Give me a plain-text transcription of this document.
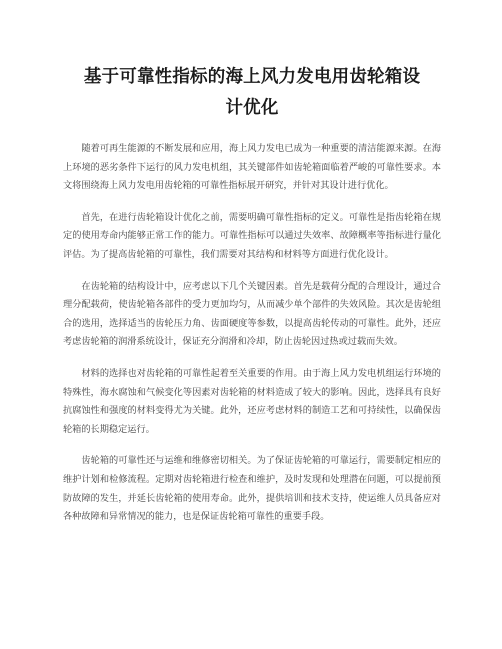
基于可靠性指标的海上风力发电用齿轮箱设
计优化

随着可再生能源的不断发展和应用，海上风力发电已成为一种重要的清洁能源来源。在海上环境的恶劣条件下运行的风力发电机组，其关键部件如齿轮箱面临着严峻的可靠性要求。本文将围绕海上风力发电用齿轮箱的可靠性指标展开研究，并针对其设计进行优化。

首先，在进行齿轮箱设计优化之前，需要明确可靠性指标的定义。可靠性是指齿轮箱在规定的使用寿命内能够正常工作的能力。可靠性指标可以通过失效率、故障概率等指标进行量化评估。为了提高齿轮箱的可靠性，我们需要对其结构和材料等方面进行优化设计。

在齿轮箱的结构设计中，应考虑以下几个关键因素。首先是载荷分配的合理设计，通过合理分配载荷，使齿轮箱各部件的受力更加均匀，从而减少单个部件的失效风险。其次是齿轮组合的选用，选择适当的齿轮压力角、齿面硬度等参数，以提高齿轮传动的可靠性。此外，还应考虑齿轮箱的润滑系统设计，保证充分润滑和冷却，防止齿轮因过热或过载而失效。

材料的选择也对齿轮箱的可靠性起着至关重要的作用。由于海上风力发电机组运行环境的特殊性，海水腐蚀和气候变化等因素对齿轮箱的材料造成了较大的影响。因此，选择具有良好抗腐蚀性和强度的材料变得尤为关键。此外，还应考虑材料的制造工艺和可持续性，以确保齿轮箱的长期稳定运行。

齿轮箱的可靠性还与运维和维修密切相关。为了保证齿轮箱的可靠运行，需要制定相应的维护计划和检修流程。定期对齿轮箱进行检查和维护，及时发现和处理潜在问题，可以提前预防故障的发生，并延长齿轮箱的使用寿命。此外，提供培训和技术支持，使运维人员具备应对各种故障和异常情况的能力，也是保证齿轮箱可靠性的重要手段。
